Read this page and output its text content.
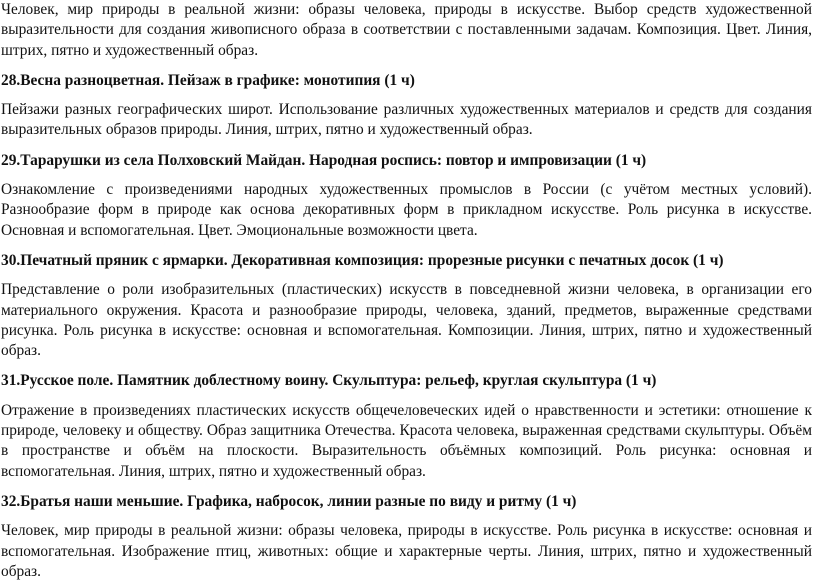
Человек, мир природы в реальной жизни: образы человека, природы в искусстве. Выбор средств художественной выразительности для создания живописного образа в соответствии с поставленными задачам. Композиция. Цвет. Линия, штрих, пятно и художественный образ.

28.Весна разноцветная. Пейзаж в графике: монотипия (1 ч)

Пейзажи разных географических широт. Использование различных художественных материалов и средств для создания выразительных образов природы. Линия, штрих, пятно и художественный образ.

29.Тарарушки из села Полховский Майдан. Народная роспись: повтор и импровизации (1 ч)

Ознакомление с произведениями народных художественных промыслов в России (с учётом местных условий). Разнообразие форм в природе как основа декоративных форм в прикладном искусстве. Роль рисунка в искусстве. Основная и вспомогательная. Цвет. Эмоциональные возможности цвета.

30.Печатный пряник с ярмарки. Декоративная композиция: прорезные рисунки с печатных досок (1 ч)

Представление о роли изобразительных (пластических) искусств в повседневной жизни человека, в организации его материального окружения. Красота и разнообразие природы, человека, зданий, предметов, выраженные средствами рисунка. Роль рисунка в искусстве: основная и вспомогательная. Композиции. Линия, штрих, пятно и художественный образ.

31.Русское поле. Памятник доблестному воину. Скульптура: рельеф, круглая скульптура (1 ч)

Отражение в произведениях пластических искусств общечеловеческих идей о нравственности и эстетики: отношение к природе, человеку и обществу. Образ защитника Отечества. Красота человека, выраженная средствами скульптуры. Объём в пространстве и объём на плоскости. Выразительность объёмных композиций. Роль рисунка: основная и вспомогательная. Линия, штрих, пятно и художественный образ.

32.Братья наши меньшие. Графика, набросок, линии разные по виду и ритму (1 ч)

Человек, мир природы в реальной жизни: образы человека, природы в искусстве. Роль рисунка в искусстве: основная и вспомогательная. Изображение птиц, животных: общие и характерные черты. Линия, штрих, пятно и художественный образ.
